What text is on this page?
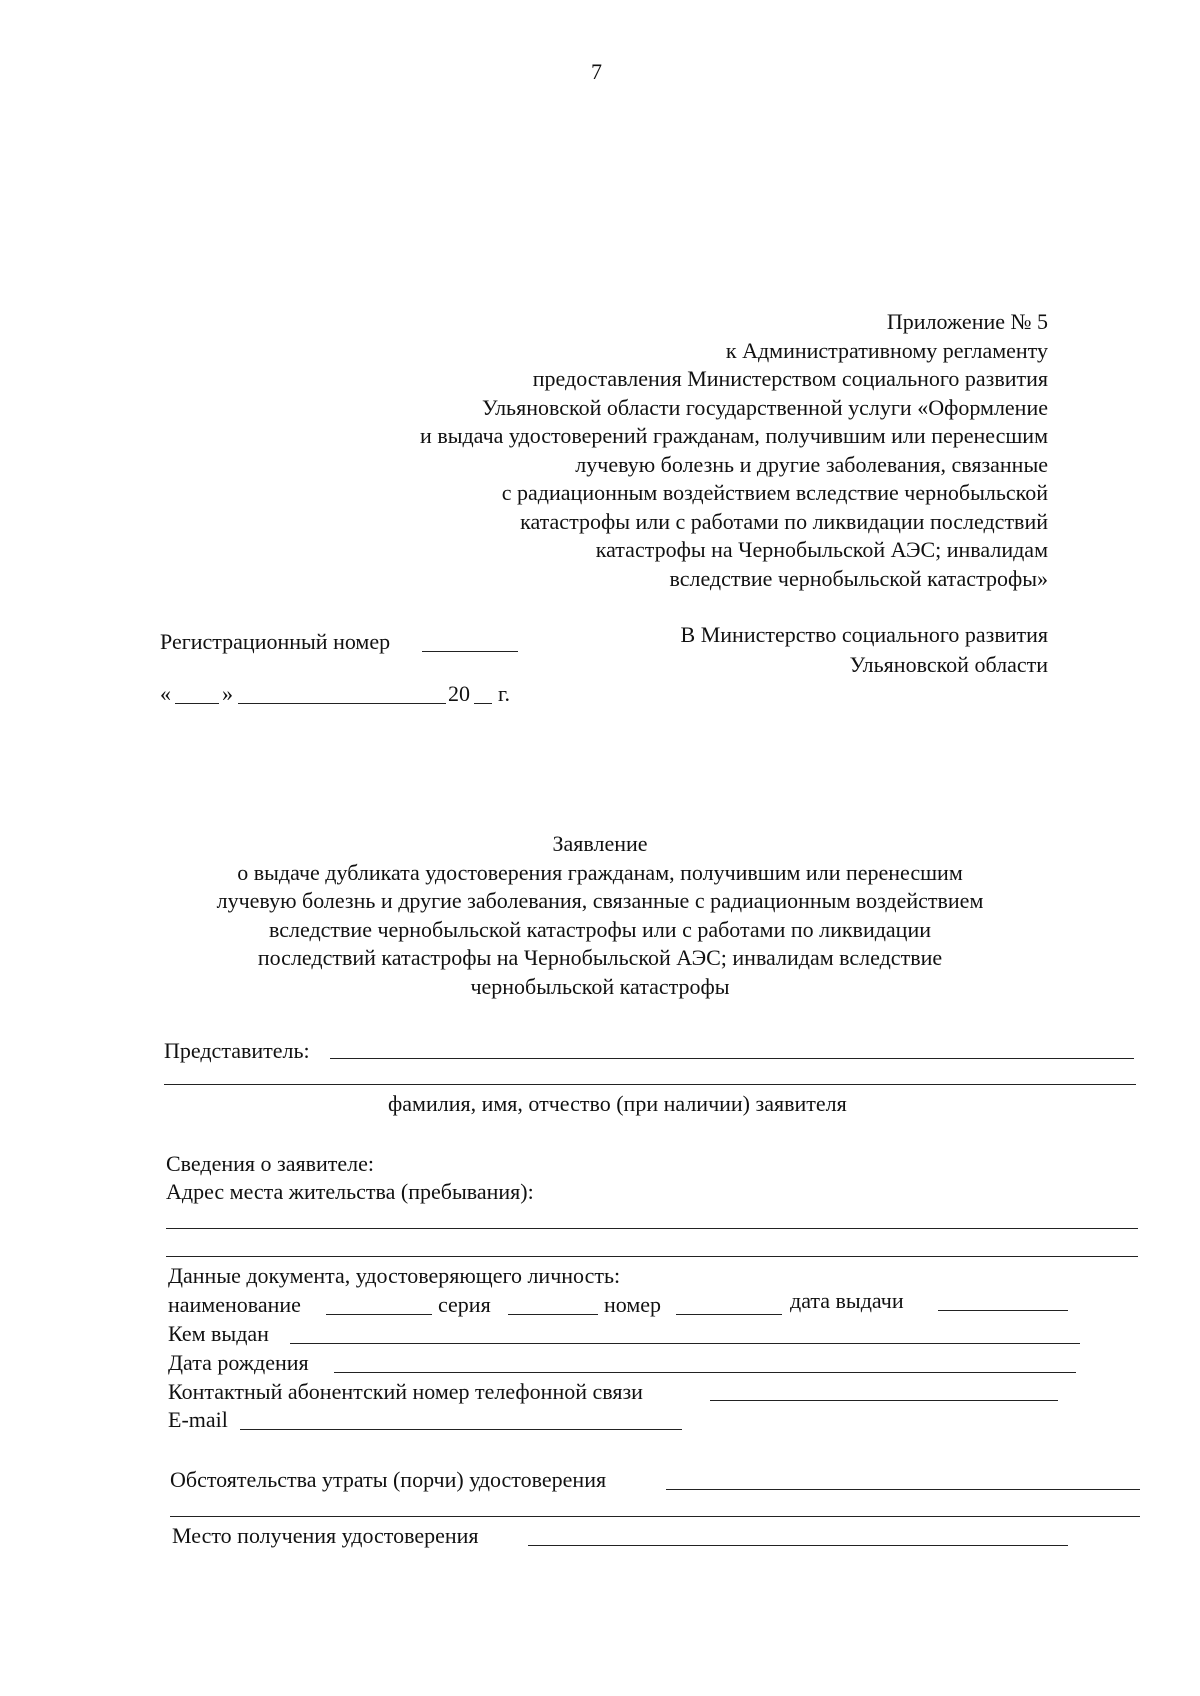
7
Приложение № 5
к Административному регламенту
предоставления Министерством социального развития
Ульяновской области государственной услуги «Оформление
и выдача удостоверений гражданам, получившим или перенесшим
лучевую болезнь и другие заболевания, связанные
с радиационным воздействием вследствие чернобыльской
катастрофы или с работами по ликвидации последствий
катастрофы на Чернобыльской АЭС; инвалидам
вследствие чернобыльской катастрофы»
Регистрационный номер
« »	20 г.
В Министерство социального развития
Ульяновской области
Заявление
о выдаче дубликата удостоверения гражданам, получившим или перенесшим
лучевую болезнь и другие заболевания, связанные с радиационным воздействием
вследствие чернобыльской катастрофы или с работами по ликвидации
последствий катастрофы на Чернобыльской АЭС; инвалидам вследствие
чернобыльской катастрофы
Представитель:
фамилия, имя, отчество (при наличии) заявителя
Сведения о заявителе:
Адрес места жительства (пребывания):
Данные документа, удостоверяющего личность:
наименование	серия	номер	дата выдачи
Кем выдан
Дата рождения
Контактный абонентский номер телефонной связи
E-mail
Обстоятельства утраты (порчи) удостоверения
Место получения удостоверения
